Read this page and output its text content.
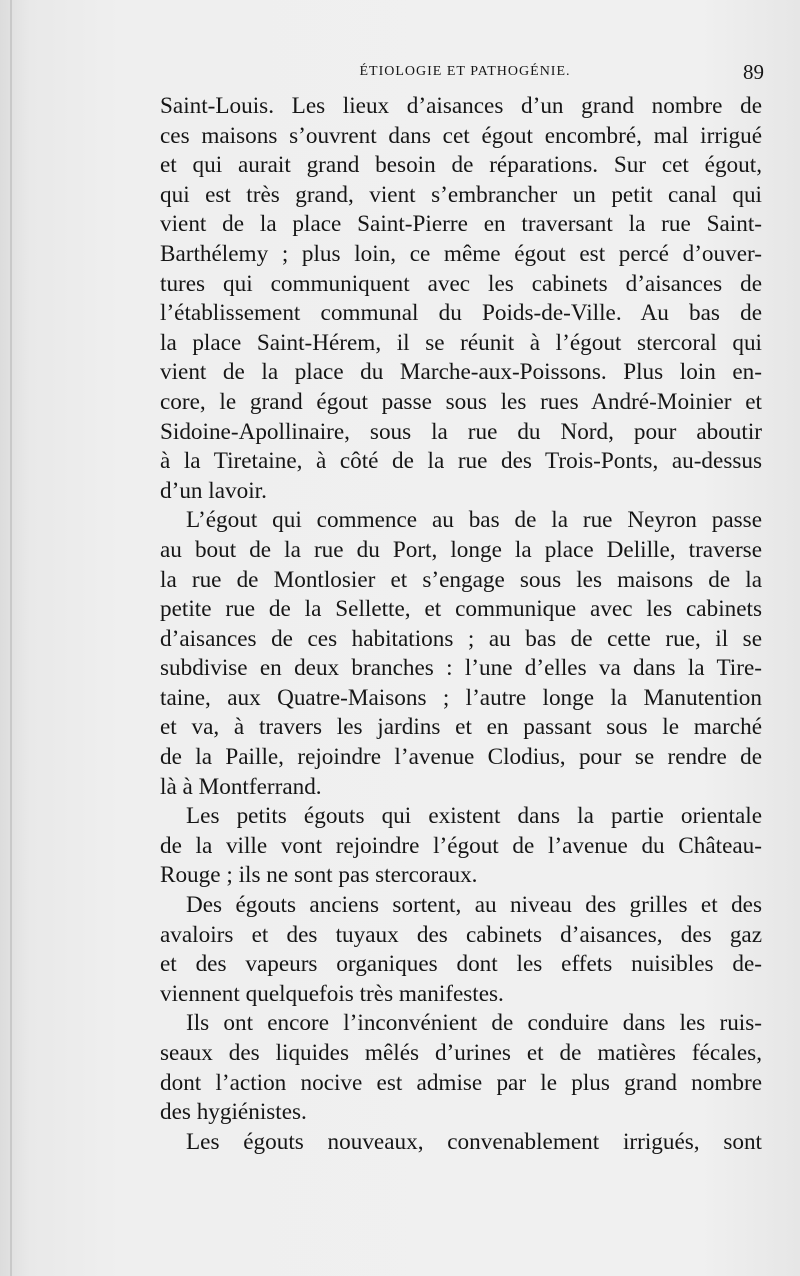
ÉTIOLOGIE ET PATHOGÉNIE.	89
Saint-Louis. Les lieux d’aisances d’un grand nombre de
ces maisons s’ouvrent dans cet égout encombré, mal irrigué
et qui aurait grand besoin de réparations. Sur cet égout,
qui est très grand, vient s’embrancher un petit canal qui
vient de la place Saint-Pierre en traversant la rue Saint-
Barthélemy ; plus loin, ce même égout est percé d’ouver-
tures qui communiquent avec les cabinets d’aisances de
l’établissement communal du Poids-de-Ville. Au bas de
la place Saint-Hérem, il se réunit à l’égout stercoral qui
vient de la place du Marche-aux-Poissons. Plus loin en-
core, le grand égout passe sous les rues André-Moinier et
Sidoine-Apollinaire, sous la rue du Nord, pour aboutir
à la Tiretaine, à côté de la rue des Trois-Ponts, au-dessus
d’un lavoir.
L’égout qui commence au bas de la rue Neyron passe
au bout de la rue du Port, longe la place Delille, traverse
la rue de Montlosier et s’engage sous les maisons de la
petite rue de la Sellette, et communique avec les cabinets
d’aisances de ces habitations ; au bas de cette rue, il se
subdivise en deux branches : l’une d’elles va dans la Tire-
taine, aux Quatre-Maisons ; l’autre longe la Manutention
et va, à travers les jardins et en passant sous le marché
de la Paille, rejoindre l’avenue Clodius, pour se rendre de
là à Montferrand.
Les petits égouts qui existent dans la partie orientale
de la ville vont rejoindre l’égout de l’avenue du Château-
Rouge ; ils ne sont pas stercoraux.
Des égouts anciens sortent, au niveau des grilles et des
avaloirs et des tuyaux des cabinets d’aisances, des gaz
et des vapeurs organiques dont les effets nuisibles de-
viennent quelquefois très manifestes.
Ils ont encore l’inconvénient de conduire dans les ruis-
seaux des liquides mêlés d’urines et de matières fécales,
dont l’action nocive est admise par le plus grand nombre
des hygiénistes.
Les égouts nouveaux, convenablement irrigués, sont
